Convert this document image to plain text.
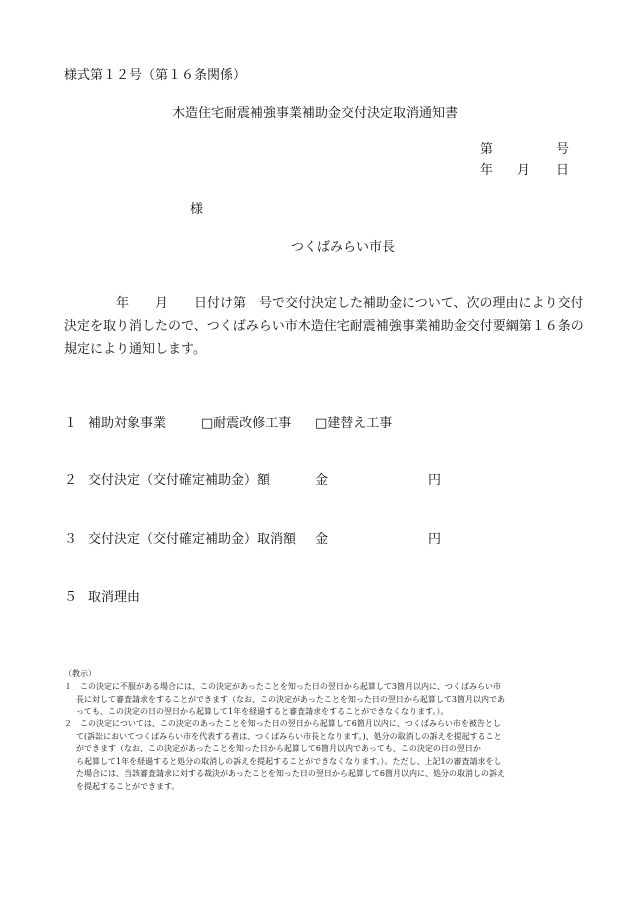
様式第１２号（第１６条関係）
木造住宅耐震補強事業補助金交付決定取消通知書
第	号
年 月 日
様
つくばみらい市長
　　　　年　　月　　日付け第　号で交付決定した補助金について、次の理由により交付
決定を取り消したので、つくばみらい市木造住宅耐震補強事業補助金交付要綱第１６条の
規定により通知します。
１ 補助対象事業	□耐震改修工事 □建替え工事
２ 交付決定（交付確定補助金）額	金	円
３ 交付決定（交付確定補助金）取消額 金	円
５ 取消理由
（教示）
１　この決定に不服がある場合には、この決定があったことを知った日の翌日から起算して3箇月以内に、つくばみらい市
長に対して審査請求をすることができます（なお、この決定があったことを知った日の翌日から起算して3箇月以内であ
っても、この決定の日の翌日から起算して1年を経過すると審査請求をすることができなくなります。）。
２　この決定については、この決定のあったことを知った日の翌日から起算して6箇月以内に、つくばみらい市を被告とし
て(訴訟においてつくばみらい市を代表する者は、つくばみらい市長となります。)、処分の取消しの訴えを提起すること
ができます（なお、この決定があったことを知った日から起算して6箇月以内であっても、この決定の日の翌日か
ら起算して1年を経過すると処分の取消しの訴えを提起することができなくなります。）。ただし、上記1の審査請求をし
た場合には、当該審査請求に対する裁決があったことを知った日の翌日から起算して6箇月以内に、処分の取消しの訴え
を提起することができます。
